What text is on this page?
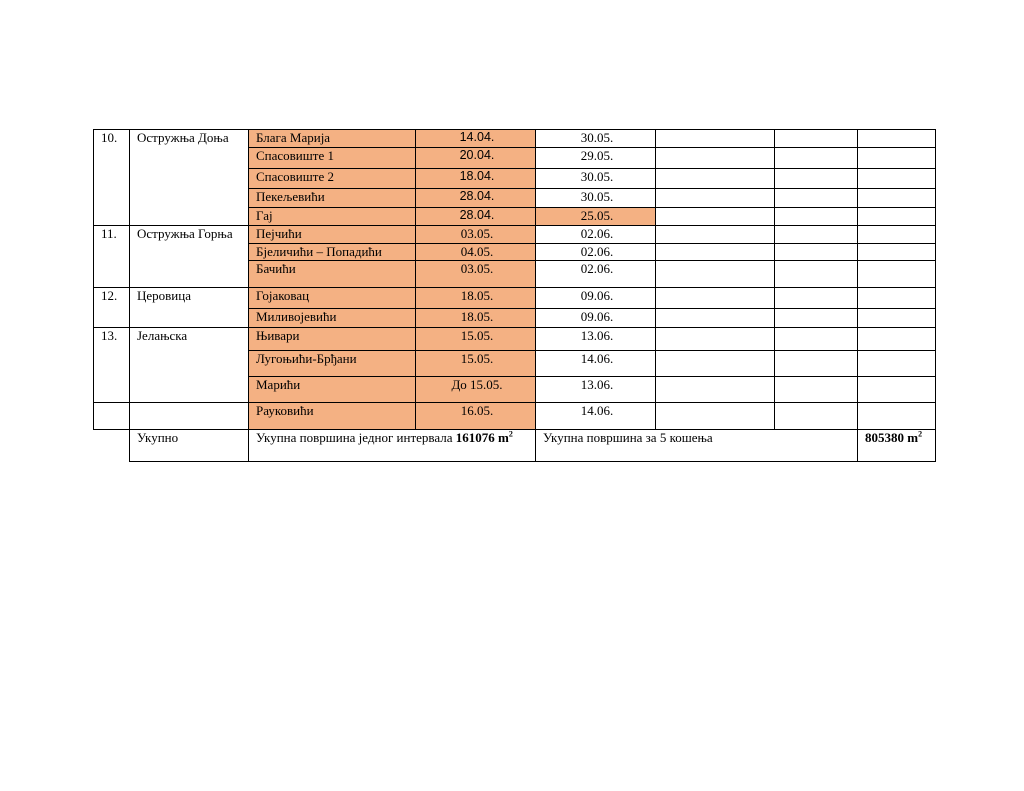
10.	Остружња Доња	Блага Марија	14.04.	30.05.			
		Спасовиште 1	20.04.	29.05.			
		Спасовиште 2	18.04.	30.05.			
		Пекељевићи	28.04.	30.05.			
		Гај	28.04.	25.05.			
11.	Остружња Горња	Пејчићи	03.05.	02.06.			
		Бјеличићи – Попадићи	04.05.	02.06.			
		Бачићи	03.05.	02.06.			
12.	Церовица	Гојаковац	18.05.	09.06.			
		Миливојевићи	18.05.	09.06.			
13.	Јелањска	Њивари	15.05.	13.06.			
		Лугоњићи-Брђани	15.05.	14.06.			
		Марићи	До 15.05.	13.06.			
		Рауковићи	16.05.	14.06.			
	Укупно	Укупна површина једног интервала 161076 $m^2$		Укупна површина за 5 кошења			805380 $m^2$
